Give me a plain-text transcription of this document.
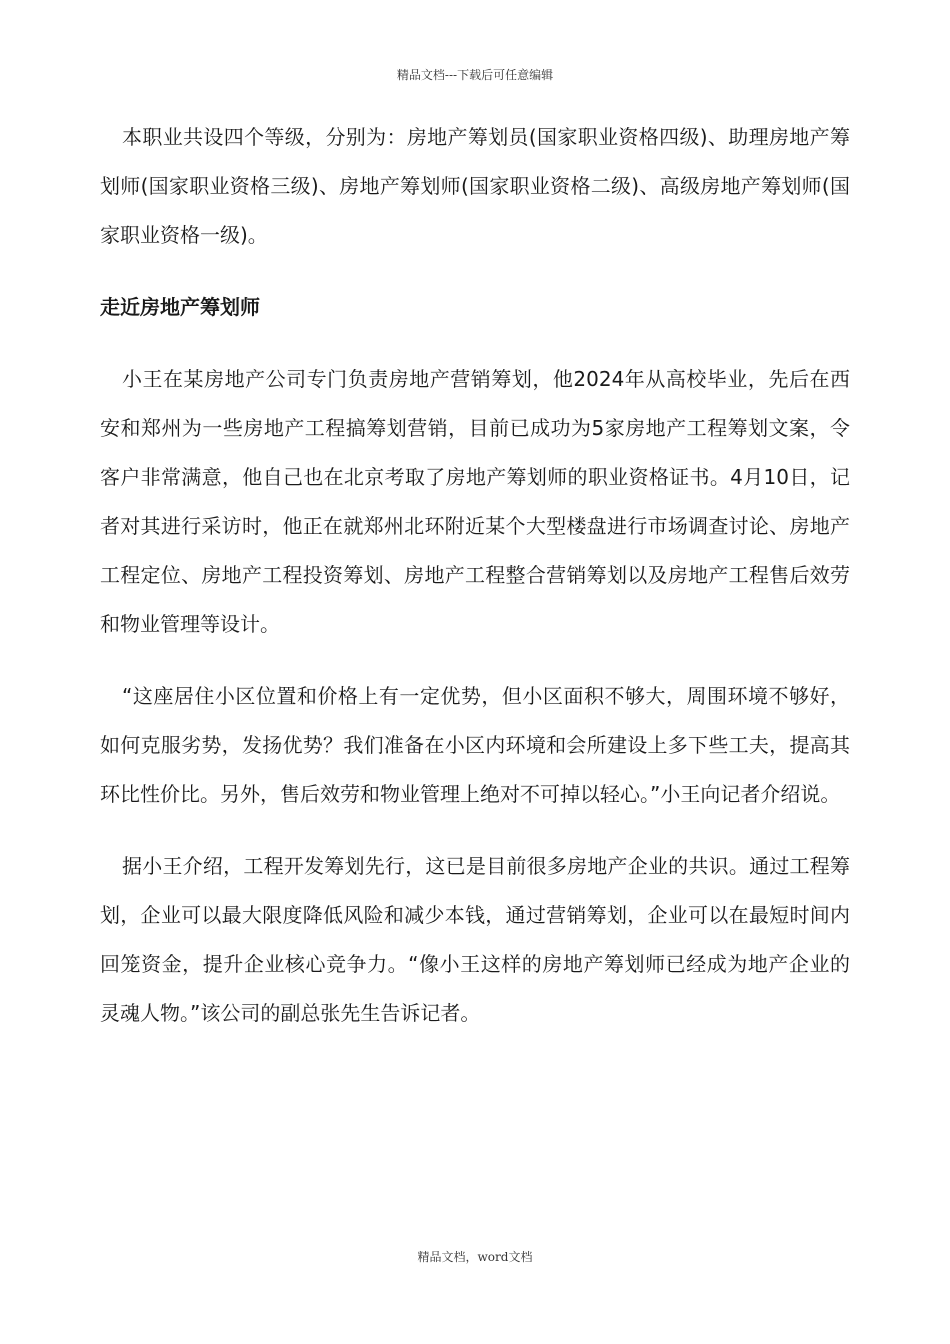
精品文档---下载后可任意编辑

本职业共设四个等级，分别为：房地产筹划员(国家职业资格四级)、助理房地产筹划师(国家职业资格三级)、房地产筹划师(国家职业资格二级)、高级房地产筹划师(国家职业资格一级)。

走近房地产筹划师

小王在某房地产公司专门负责房地产营销筹划，他2024年从高校毕业，先后在西安和郑州为一些房地产工程搞筹划营销，目前已成功为5家房地产工程筹划文案，令客户非常满意，他自己也在北京考取了房地产筹划师的职业资格证书。4月10日，记者对其进行采访时，他正在就郑州北环附近某个大型楼盘进行市场调查讨论、房地产工程定位、房地产工程投资筹划、房地产工程整合营销筹划以及房地产工程售后效劳和物业管理等设计。

“这座居住小区位置和价格上有一定优势，但小区面积不够大，周围环境不够好，如何克服劣势，发扬优势？我们准备在小区内环境和会所建设上多下些工夫，提高其环比性价比。另外，售后效劳和物业管理上绝对不可掉以轻心。”小王向记者介绍说。

据小王介绍，工程开发筹划先行，这已是目前很多房地产企业的共识。通过工程筹划，企业可以最大限度降低风险和减少本钱，通过营销筹划，企业可以在最短时间内回笼资金，提升企业核心竞争力。“像小王这样的房地产筹划师已经成为地产企业的灵魂人物。”该公司的副总张先生告诉记者。

精品文档，word文档
